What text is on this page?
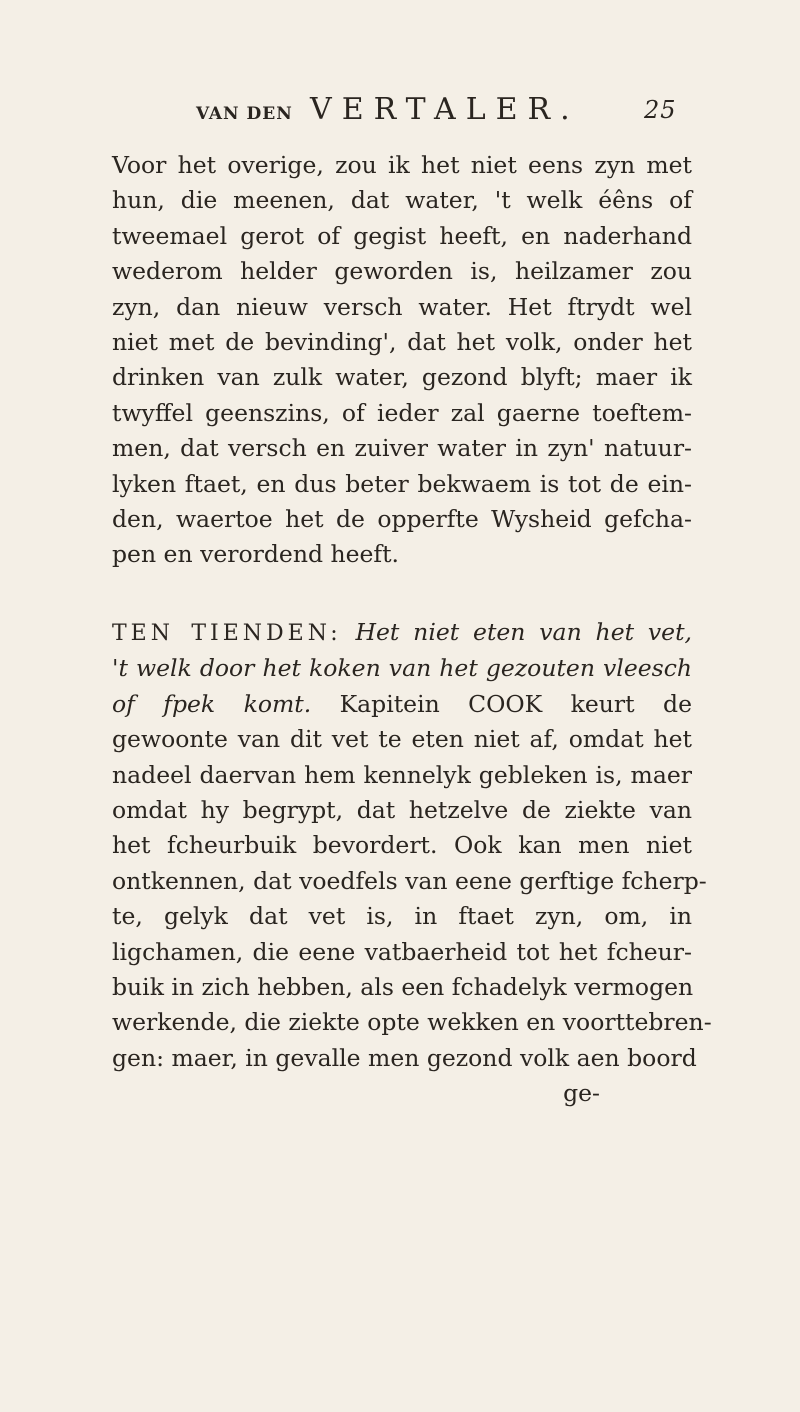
VAN DEN VERTALER.	25
Voor het overige, zou ik het niet eens zyn met
hun, die meenen, dat water, 't welk éêns of
tweemael gerot of gegist heeft, en naderhand
wederom helder geworden is, heilzamer zou
zyn, dan nieuw versch water. Het ftrydt wel
niet met de bevinding', dat het volk, onder het
drinken van zulk water, gezond blyft; maer ik
twyffel geenszins, of ieder zal gaerne toeftem-
men, dat versch en zuiver water in zyn' natuur-
lyken ftaet, en dus beter bekwaem is tot de ein-
den, waertoe het de opperfte Wysheid gefcha-
pen en verordend heeft.
TEN TIENDEN: Het niet eten van het vet,
't welk door het koken van het gezouten vleesch
of fpek komt. Kapitein COOK keurt de
gewoonte van dit vet te eten niet af, omdat het
nadeel daervan hem kennelyk gebleken is, maer
omdat hy begrypt, dat hetzelve de ziekte van
het fcheurbuik bevordert. Ook kan men niet
ontkennen, dat voedfels van eene gerftige fcherp-
te, gelyk dat vet is, in ftaet zyn, om, in
ligchamen, die eene vatbaerheid tot het fcheur-
buik in zich hebben, als een fchadelyk vermogen
werkende, die ziekte opte wekken en voorttebren-
gen: maer, in gevalle men gezond volk aen boord
ge-
